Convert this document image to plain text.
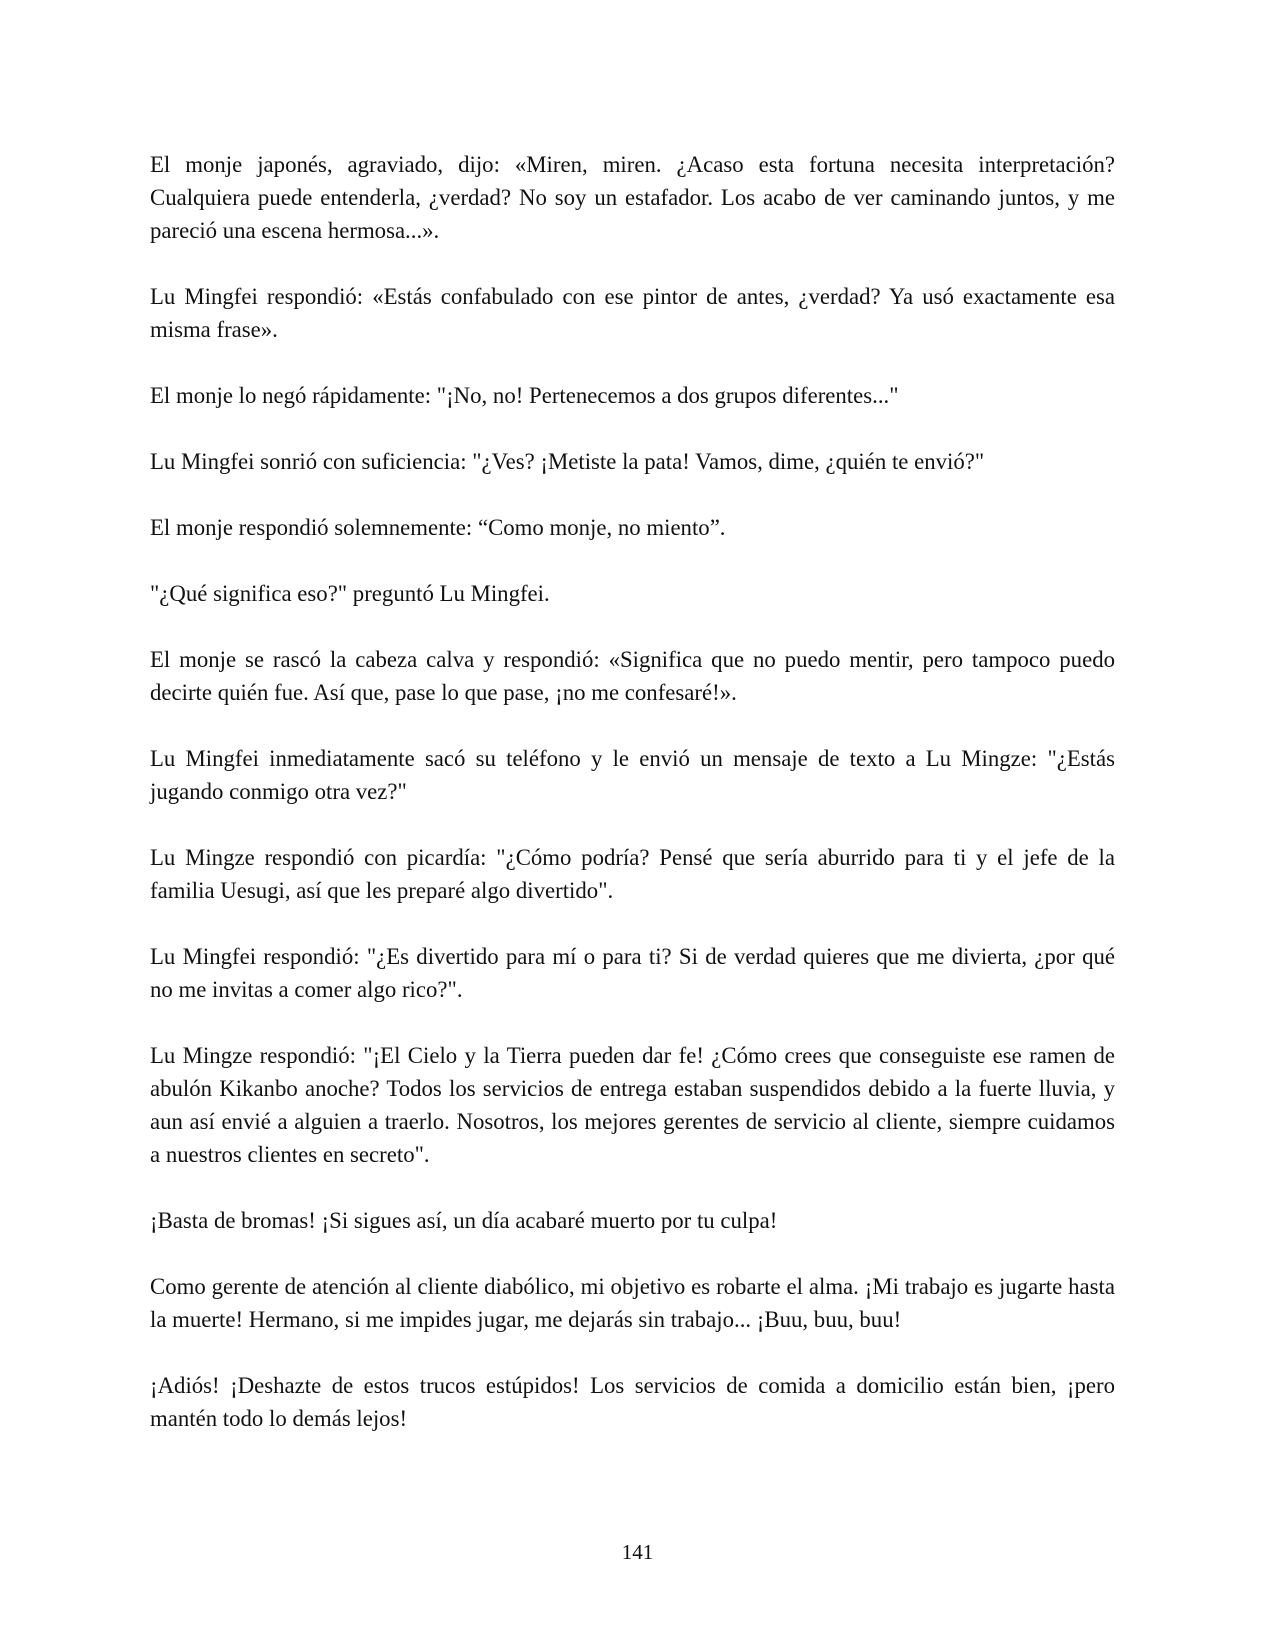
El monje japonés, agraviado, dijo: «Miren, miren. ¿Acaso esta fortuna necesita interpretación? Cualquiera puede entenderla, ¿verdad? No soy un estafador. Los acabo de ver caminando juntos, y me pareció una escena hermosa...».

Lu Mingfei respondió: «Estás confabulado con ese pintor de antes, ¿verdad? Ya usó exactamente esa misma frase».

El monje lo negó rápidamente: "¡No, no! Pertenecemos a dos grupos diferentes..."

Lu Mingfei sonrió con suficiencia: "¿Ves? ¡Metiste la pata! Vamos, dime, ¿quién te envió?"

El monje respondió solemnemente: “Como monje, no miento”.

"¿Qué significa eso?" preguntó Lu Mingfei.

El monje se rascó la cabeza calva y respondió: «Significa que no puedo mentir, pero tampoco puedo decirte quién fue. Así que, pase lo que pase, ¡no me confesaré!».

Lu Mingfei inmediatamente sacó su teléfono y le envió un mensaje de texto a Lu Mingze: "¿Estás jugando conmigo otra vez?"

Lu Mingze respondió con picardía: "¿Cómo podría? Pensé que sería aburrido para ti y el jefe de la familia Uesugi, así que les preparé algo divertido".

Lu Mingfei respondió: "¿Es divertido para mí o para ti? Si de verdad quieres que me divierta, ¿por qué no me invitas a comer algo rico?".

Lu Mingze respondió: "¡El Cielo y la Tierra pueden dar fe! ¿Cómo crees que conseguiste ese ramen de abulón Kikanbo anoche? Todos los servicios de entrega estaban suspendidos debido a la fuerte lluvia, y aun así envié a alguien a traerlo. Nosotros, los mejores gerentes de servicio al cliente, siempre cuidamos a nuestros clientes en secreto".

¡Basta de bromas! ¡Si sigues así, un día acabaré muerto por tu culpa!

Como gerente de atención al cliente diabólico, mi objetivo es robarte el alma. ¡Mi trabajo es jugarte hasta la muerte! Hermano, si me impides jugar, me dejarás sin trabajo... ¡Buu, buu, buu!

¡Adiós! ¡Deshazte de estos trucos estúpidos! Los servicios de comida a domicilio están bien, ¡pero mantén todo lo demás lejos!

141
